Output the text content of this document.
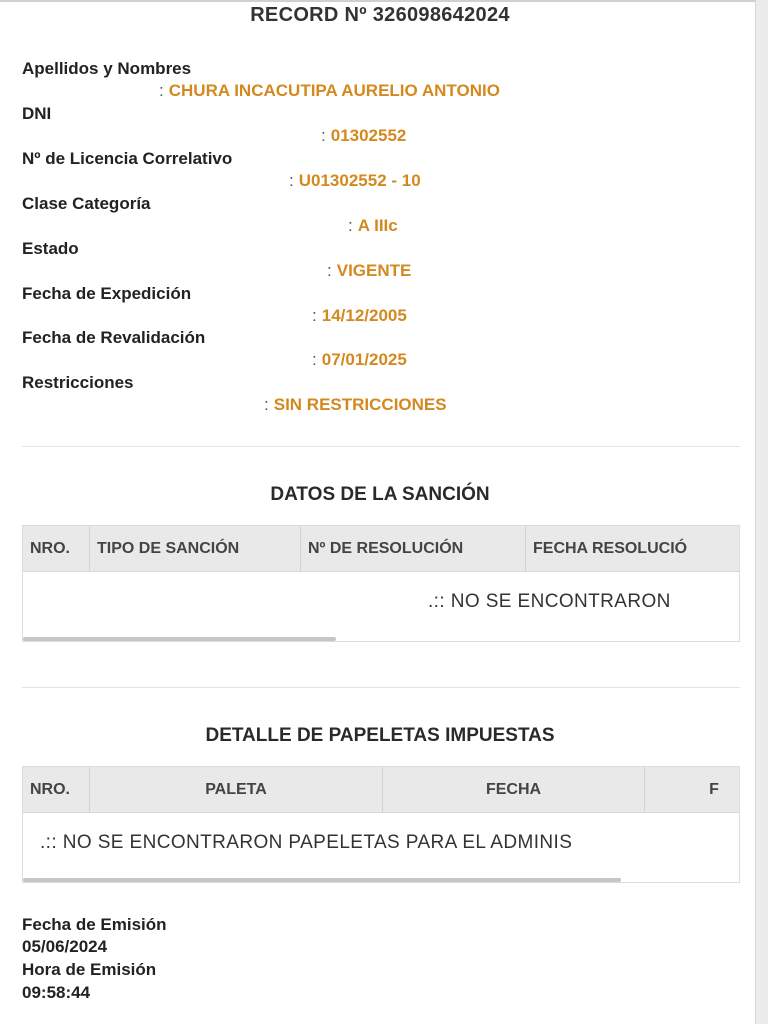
RECORD Nº 326098642024
Apellidos y Nombres
: CHURA INCACUTIPA AURELIO ANTONIO
DNI
: 01302552
Nº de Licencia Correlativo
: U01302552 - 10
Clase Categoría
: A IIIc
Estado
: VIGENTE
Fecha de Expedición
: 14/12/2005
Fecha de Revalidación
: 07/01/2025
Restricciones
: SIN RESTRICCIONES
DATOS DE LA SANCIÓN
NRO.	TIPO DE SANCIÓN	Nº DE RESOLUCIÓN	FECHA RESOLUCIÓ
.:: NO SE ENCONTRARON
DETALLE DE PAPELETAS IMPUESTAS
NRO.	PALETA	FECHA	F
.:: NO SE ENCONTRARON PAPELETAS PARA EL ADMINIS
Fecha de Emisión
05/06/2024
Hora de Emisión
09:58:44
